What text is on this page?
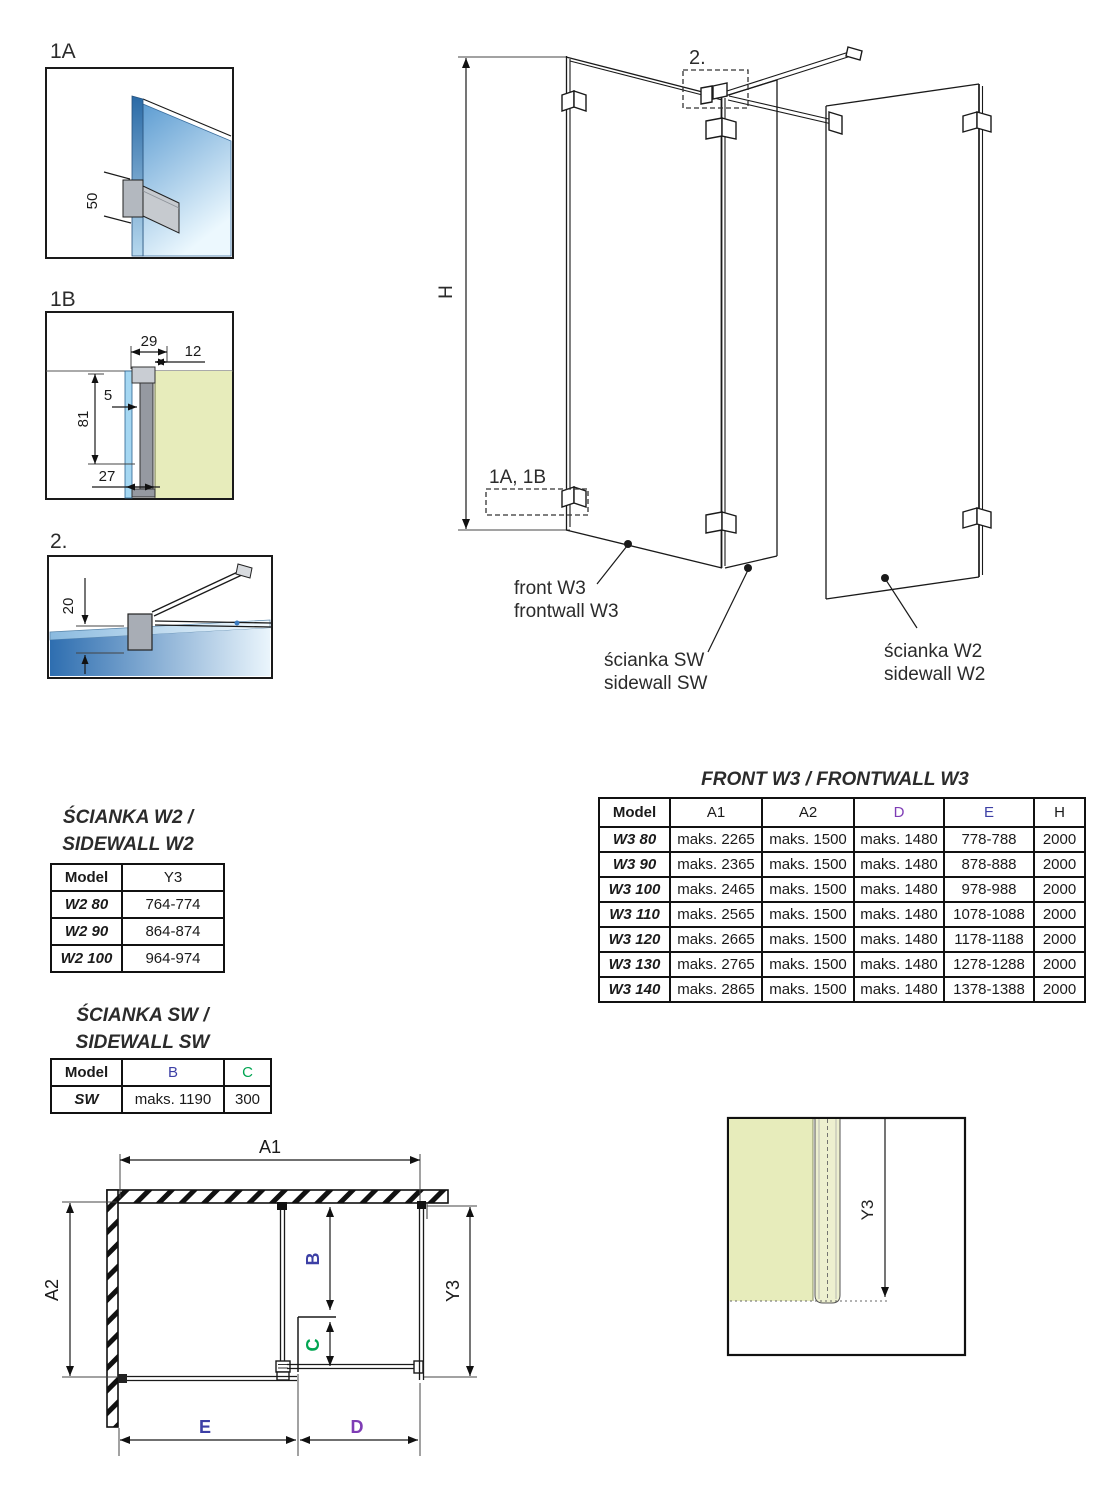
1A
50
1B
29
12
5
81
27
2.
20
H
2.
1A, 1B
front W3
frontwall W3
ścianka SW
sidewall SW
ścianka W2
sidewall W2
ŚCIANKA W2 /
SIDEWALL W2
Model	Y3
W2 80	764-774
W2 90	864-874
W2 100	964-974
ŚCIANKA SW /
SIDEWALL SW
Model	B	C
SW	maks. 1190	300
FRONT W3 / FRONTWALL W3
Model	A1	A2	D	E	H
W3 80	maks. 2265	maks. 1500	maks. 1480	778-788	2000
W3 90	maks. 2365	maks. 1500	maks. 1480	878-888	2000
W3 100	maks. 2465	maks. 1500	maks. 1480	978-988	2000
W3 110	maks. 2565	maks. 1500	maks. 1480	1078-1088	2000
W3 120	maks. 2665	maks. 1500	maks. 1480	1178-1188	2000
W3 130	maks. 2765	maks. 1500	maks. 1480	1278-1288	2000
W3 140	maks. 2865	maks. 1500	maks. 1480	1378-1388	2000
A1
A2
B
C
Y3
E	D
Y3
